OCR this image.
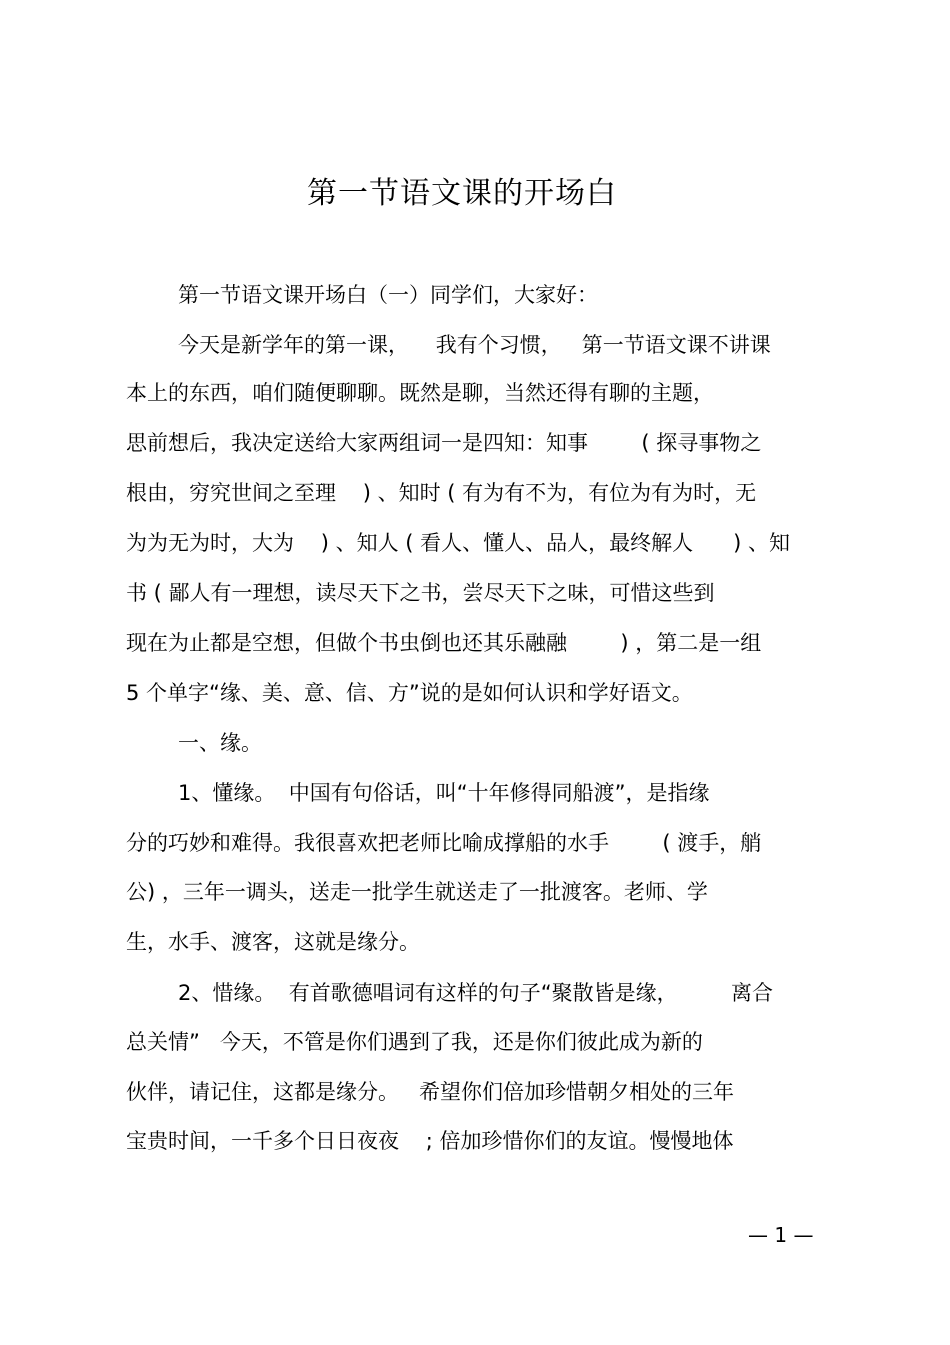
第一节语文课的开场白
第一节语文课开场白（一）同学们，大家好：
今天是新学年的第一课，    我有个习惯，   第一节语文课不讲课
本上的东西，咱们随便聊聊。既然是聊，当然还得有聊的主题，
思前想后，我决定送给大家两组词一是四知：知事        ( 探寻事物之
根由，穷究世间之至理    ) 、知时 ( 有为有不为，有位为有为时，无
为为无为时，大为    ) 、知人 ( 看人、懂人、品人，最终解人      ) 、知
书 ( 鄙人有一理想，读尽天下之书，尝尽天下之味，可惜这些到
现在为止都是空想，但做个书虫倒也还其乐融融        ) ，第二是一组
5 个单字“缘、美、意、信、方”说的是如何认识和学好语文。
一、缘。
1、懂缘。  中国有句俗话，叫“十年修得同船渡”，是指缘
分的巧妙和难得。我很喜欢把老师比喻成撑船的水手        ( 渡手，艄
公) ，三年一调头，送走一批学生就送走了一批渡客。老师、学
生，水手、渡客，这就是缘分。
2、惜缘。  有首歌德唱词有这样的句子“聚散皆是缘，        离合
总关情”   今天，不管是你们遇到了我，还是你们彼此成为新的
伙伴，请记住，这都是缘分。   希望你们倍加珍惜朝夕相处的三年
宝贵时间，一千多个日日夜夜    ; 倍加珍惜你们的友谊。慢慢地体
— 1 —
